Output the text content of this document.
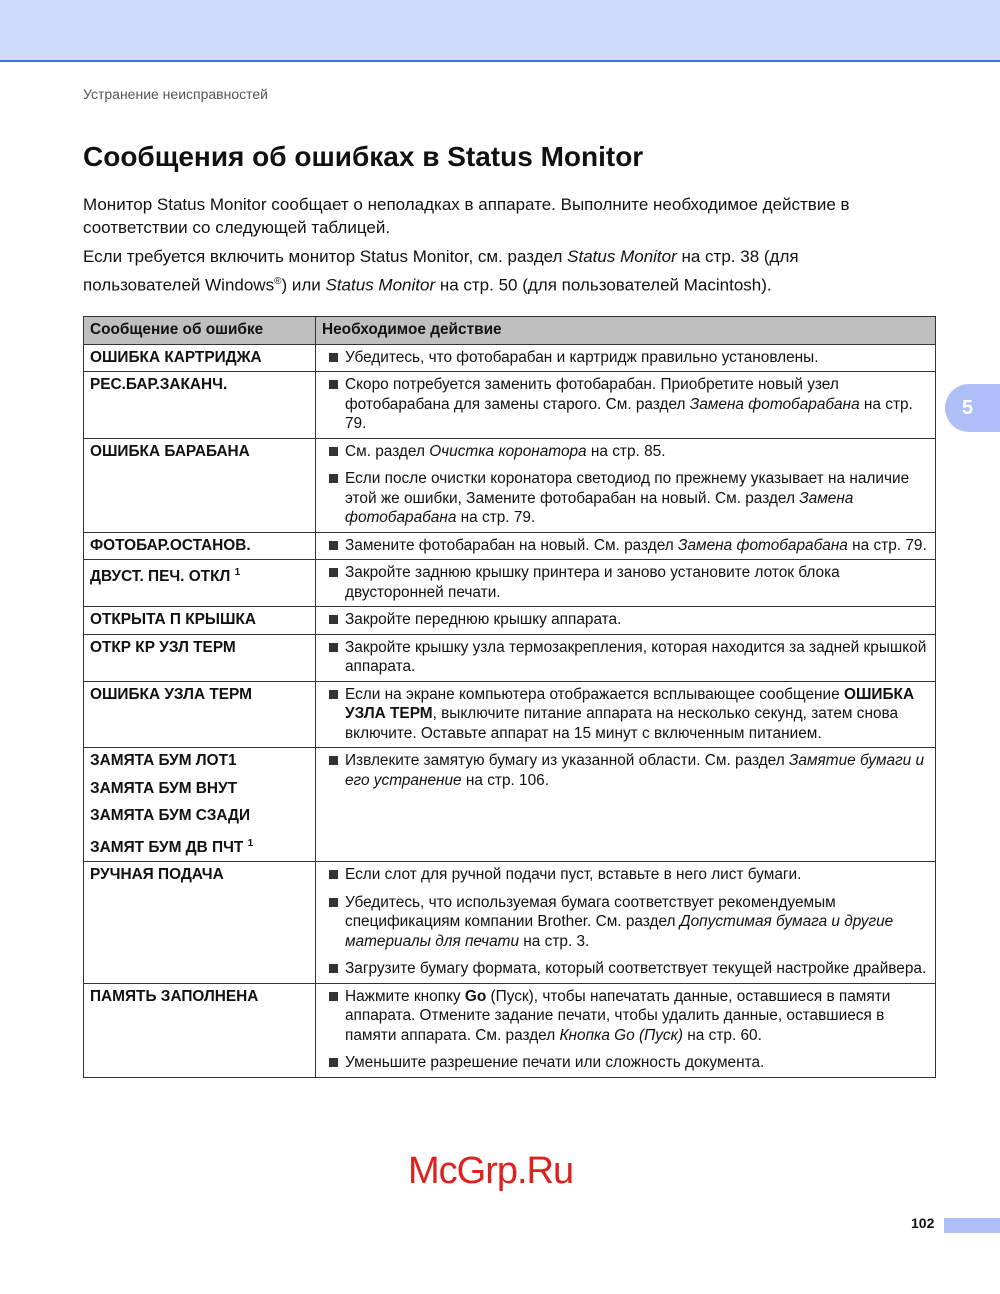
Устранение неисправностей
Сообщения об ошибках в Status Monitor

Монитор Status Monitor сообщает о неполадках в аппарате. Выполните необходимое действие в соответствии со следующей таблицей.

Если требуется включить монитор Status Monitor, см. раздел Status Monitor на стр. 38 (для пользователей Windows®) или Status Monitor на стр. 50 (для пользователей Macintosh).

Сообщение об ошибке	Необходимое действие

ОШИБКА КАРТРИДЖА	Убедитесь, что фотобарабан и картридж правильно установлены.

РЕС.БАР.ЗАКАНЧ.	Скоро потребуется заменить фотобарабан. Приобретите новый узел фотобарабана для замены старого. См. раздел Замена фотобарабана на стр. 79.

ОШИБКА БАРАБАНА	См. раздел Очистка коронатора на стр. 85.
Если после очистки коронатора светодиод по прежнему указывает на наличие этой же ошибки, Замените фотобарабан на новый. См. раздел Замена фотобарабана на стр. 79.

ФОТОБАР.ОСТАНОВ.	Замените фотобарабан на новый. См. раздел Замена фотобарабана на стр. 79.

ДВУСТ. ПЕЧ. ОТКЛ $^1$	Закройте заднюю крышку принтера и заново установите лоток блока двусторонней печати.

ОТКРЫТА П КРЫШКА	Закройте переднюю крышку аппарата.

ОТКР КР УЗЛ ТЕРМ	Закройте крышку узла термозакрепления, которая находится за задней крышкой аппарата.

ОШИБКА УЗЛА ТЕРМ	Если на экране компьютера отображается всплывающее сообщение ОШИБКА УЗЛА ТЕРМ, выключите питание аппарата на несколько секунд, затем снова включите. Оставьте аппарат на 15 минут с включенным питанием.

ЗАМЯТА БУМ ЛОТ1
ЗАМЯТА БУМ ВНУТ
ЗАМЯТА БУМ СЗАДИ
ЗАМЯТ БУМ ДВ ПЧТ $^1$	Извлеките замятую бумагу из указанной области. См. раздел Замятие бумаги и его устранение на стр. 106.

РУЧНАЯ ПОДАЧА	Если слот для ручной подачи пуст, вставьте в него лист бумаги.
Убедитесь, что используемая бумага соответствует рекомендуемым спецификациям компании Brother. См. раздел Допустимая бумага и другие материалы для печати на стр. 3.
Загрузите бумагу формата, который соответствует текущей настройке драйвера.

ПАМЯТЬ ЗАПОЛНЕНА	Нажмите кнопку Go (Пуск), чтобы напечатать данные, оставшиеся в памяти аппарата. Отмените задание печати, чтобы удалить данные, оставшиеся в памяти аппарата. См. раздел Кнопка Go (Пуск) на стр. 60.
Уменьшите разрешение печати или сложность документа.
McGrp.Ru
5
102
